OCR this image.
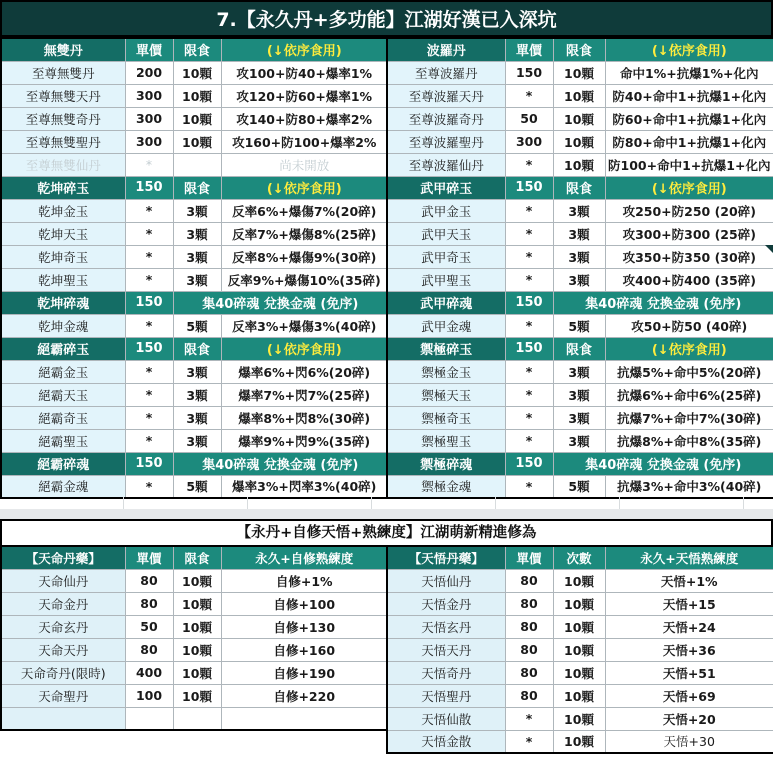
7.【永久丹+多功能】江湖好漢已入深坑
無雙丹	單價	限食	(↓依序食用)
至尊無雙丹	200	10顆	攻100+防40+爆率1%
至尊無雙天丹	300	10顆	攻120+防60+爆率1%
至尊無雙奇丹	300	10顆	攻140+防80+爆率2%
至尊無雙聖丹	300	10顆	攻160+防100+爆率2%
至尊無雙仙丹	*		尚未開放
乾坤碎玉	150	限食	(↓依序食用)
乾坤金玉	*	3顆	反率6%+爆傷7%(20碎)
乾坤天玉	*	3顆	反率7%+爆傷8%(25碎)
乾坤奇玉	*	3顆	反率8%+爆傷9%(30碎)
乾坤聖玉	*	3顆	反率9%+爆傷10%(35碎)
乾坤碎魂	150	集40碎魂 兌換金魂 (免序)	
乾坤金魂	*	5顆	反率3%+爆傷3%(40碎)
絕霸碎玉	150	限食	(↓依序食用)
絕霸金玉	*	3顆	爆率6%+閃6%(20碎)
絕霸天玉	*	3顆	爆率7%+閃7%(25碎)
絕霸奇玉	*	3顆	爆率8%+閃8%(30碎)
絕霸聖玉	*	3顆	爆率9%+閃9%(35碎)
絕霸碎魂	150	集40碎魂 兌換金魂 (免序)	
絕霸金魂	*	5顆	爆率3%+閃率3%(40碎)
波羅丹	單價	限食	(↓依序食用)
至尊波羅丹	150	10顆	命中1%+抗爆1%+化內
至尊波羅天丹	*	10顆	防40+命中1+抗爆1+化內
至尊波羅奇丹	50	10顆	防60+命中1+抗爆1+化內
至尊波羅聖丹	300	10顆	防80+命中1+抗爆1+化內
至尊波羅仙丹	*	10顆	防100+命中1+抗爆1+化內
武甲碎玉	150	限食	(↓依序食用)
武甲金玉	*	3顆	攻250+防250 (20碎)
武甲天玉	*	3顆	攻300+防300 (25碎)
武甲奇玉	*	3顆	攻350+防350 (30碎)
武甲聖玉	*	3顆	攻400+防400 (35碎)
武甲碎魂	150	集40碎魂 兌換金魂 (免序)	
武甲金魂	*	5顆	攻50+防50 (40碎)
禦極碎玉	150	限食	(↓依序食用)
禦極金玉	*	3顆	抗爆5%+命中5%(20碎)
禦極天玉	*	3顆	抗爆6%+命中6%(25碎)
禦極奇玉	*	3顆	抗爆7%+命中7%(30碎)
禦極聖玉	*	3顆	抗爆8%+命中8%(35碎)
禦極碎魂	150	集40碎魂 兌換金魂 (免序)	
禦極金魂	*	5顆	抗爆3%+命中3%(40碎)
【永丹+自修天悟+熟練度】江湖萌新精進修為
【天命丹藥】	單價	限食	永久+自修熟練度
天命仙丹	80	10顆	自修+1%
天命金丹	80	10顆	自修+100
天命玄丹	50	10顆	自修+130
天命天丹	80	10顆	自修+160
天命奇丹(限時)	400	10顆	自修+190
天命聖丹	100	10顆	自修+220

【天悟丹藥】	單價	次數	永久+天悟熟練度
天悟仙丹	80	10顆	天悟+1%
天悟金丹	80	10顆	天悟+15
天悟玄丹	80	10顆	天悟+24
天悟天丹	80	10顆	天悟+36
天悟奇丹	80	10顆	天悟+51
天悟聖丹	80	10顆	天悟+69
天悟仙散	*	10顆	天悟+20
天悟金散	*	10顆	天悟+30
